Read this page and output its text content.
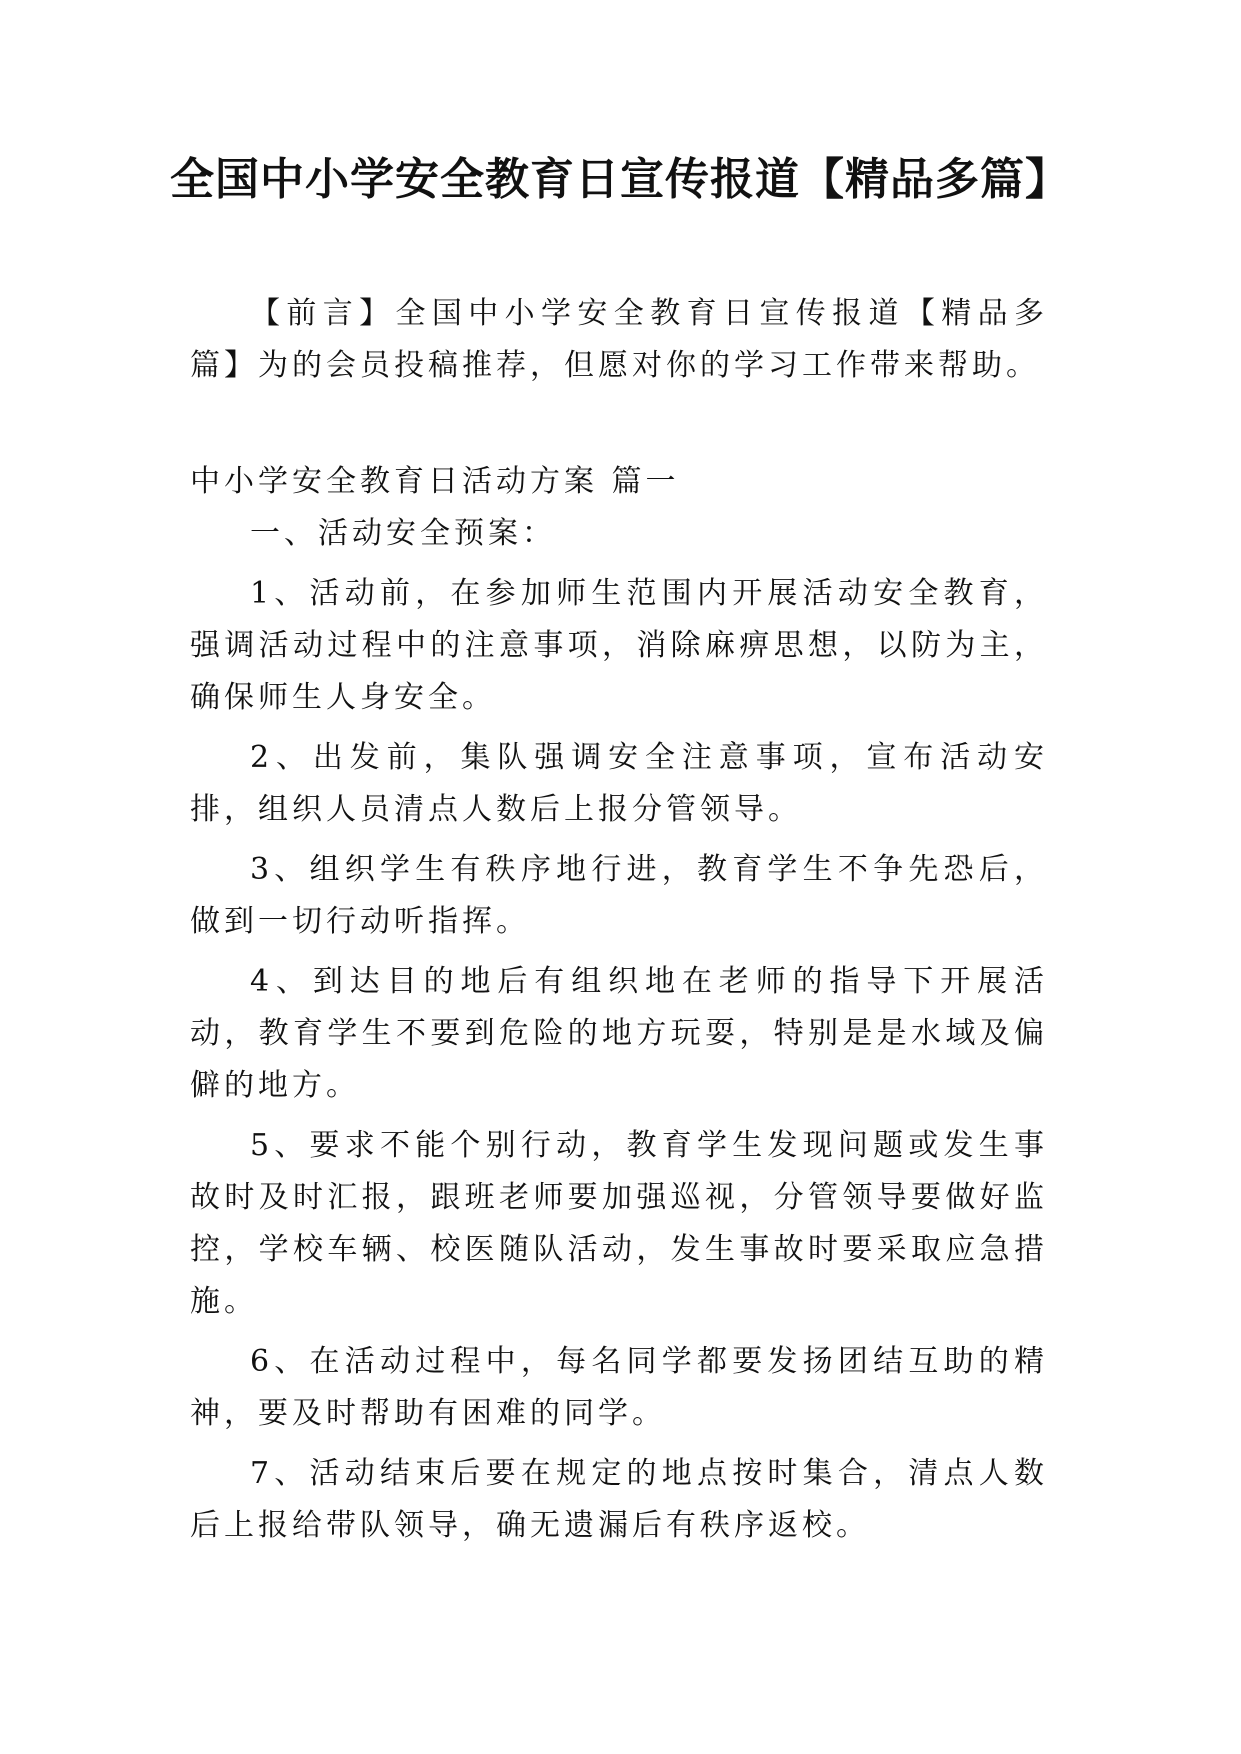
全国中小学安全教育日宣传报道【精品多篇】

【前言】全国中小学安全教育日宣传报道【精品多篇】为的会员投稿推荐，但愿对你的学习工作带来帮助。

中小学安全教育日活动方案 篇一

一、活动安全预案：

1、活动前，在参加师生范围内开展活动安全教育，强调活动过程中的注意事项，消除麻痹思想，以防为主，确保师生人身安全。

2、出发前，集队强调安全注意事项，宣布活动安排，组织人员清点人数后上报分管领导。

3、组织学生有秩序地行进，教育学生不争先恐后，做到一切行动听指挥。

4、到达目的地后有组织地在老师的指导下开展活动，教育学生不要到危险的地方玩耍，特别是是水域及偏僻的地方。

5、要求不能个别行动，教育学生发现问题或发生事故时及时汇报，跟班老师要加强巡视，分管领导要做好监控，学校车辆、校医随队活动，发生事故时要采取应急措施。

6、在活动过程中，每名同学都要发扬团结互助的精神，要及时帮助有困难的同学。

7、活动结束后要在规定的地点按时集合，清点人数后上报给带队领导，确无遗漏后有秩序返校。
